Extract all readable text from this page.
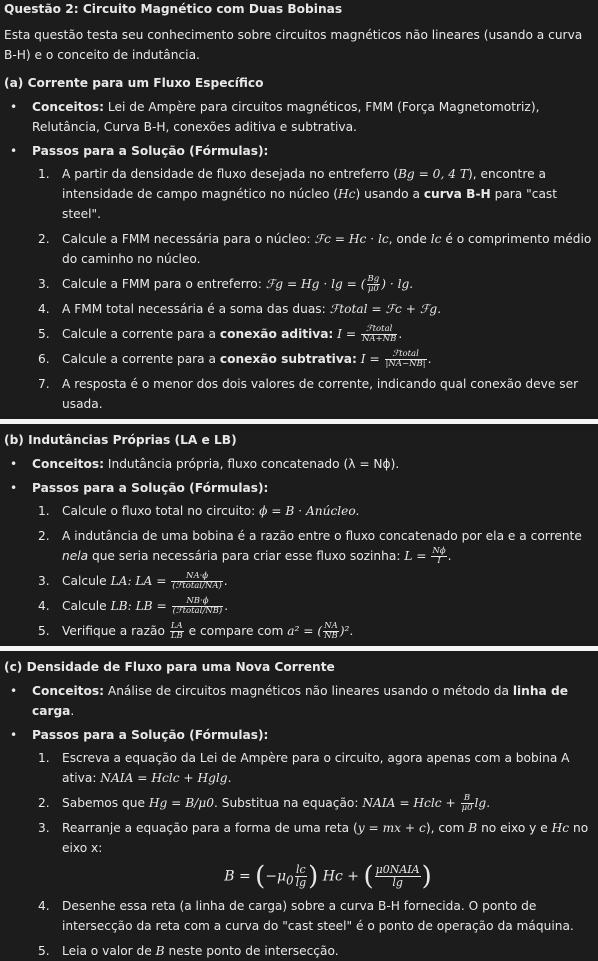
Questão 2: Circuito Magnético com Duas Bobinas
Esta questão testa seu conhecimento sobre circuitos magnéticos não lineares (usando a curva B-H) e o conceito de indutância.
(a) Corrente para um Fluxo Específico
• Conceitos: Lei de Ampère para circuitos magnéticos, FMM (Força Magnetomotriz), Relutância, Curva B-H, conexões aditiva e subtrativa.
• Passos para a Solução (Fórmulas):
A partir da densidade de fluxo desejada no entreferro (Bg = 0, 4 T), encontre a intensidade de campo magnético no núcleo (Hc) usando a curva B-H para "cast steel".
Calcule a FMM necessária para o núcleo: ℱc = Hc · lc, onde lc é o comprimento médio do caminho no núcleo.
Calcule a FMM para o entreferro: ℱg = Hg · lg = ( $\frac{Bg}{\mu 0}$ ) · lg.
A FMM total necessária é a soma das duas: ℱtotal = ℱc + ℱg.
Calcule a corrente para a conexão aditiva: $I = \frac{\text{ℱtotal}}{NA+NB}$ .
Calcule a corrente para a conexão subtrativa: $I = \frac{\text{ℱtotal}}{|NA-NB|}$ .
A resposta é o menor dos dois valores de corrente, indicando qual conexão deve ser usada.
(b) Indutâncias Próprias (LA e LB)
• Conceitos: Indutância própria, fluxo concatenado (λ = Nϕ).
• Passos para a Solução (Fórmulas):
Calcule o fluxo total no circuito: ϕ = B · Anúcleo.
A indutância de uma bobina é a razão entre o fluxo concatenado por ela e a corrente nela que seria necessária para criar esse fluxo sozinha: $L = \frac{N\phi}{I}$ .
Calcule LA: LA = $\frac{NA\cdot\phi}{\text{(ℱtotal/NA)}}$ .
Calcule LB: LB = $\frac{NB\cdot\phi}{\text{(ℱtotal/NB)}}$ .
Verifique a razão $\frac{LA}{LB}$ e compare com a² = ( $\frac{NA}{NB} )^2$.
(c) Densidade de Fluxo para uma Nova Corrente
• Conceitos: Análise de circuitos magnéticos não lineares usando o método da linha de carga.
• Passos para a Solução (Fórmulas):
Escreva a equação da Lei de Ampère para o circuito, agora apenas com a bobina A ativa: NAIA = Hclc + Hglg.
Sabemos que Hg = B/μ0. Substitua na equação: NAIA = Hclc + $\frac{B}{\mu 0} \lg$.
Rearranje a equação para a forma de uma reta (y = mx + c), com B no eixo y e Hc no eixo x:
$B = (-\mu_0 \frac{lc}{\lg}$ ) Hc + ( $\frac{\text{μ0NAIA}}{\lg}$ )
Desenhe essa reta (a linha de carga) sobre a curva B-H fornecida. O ponto de intersecção da reta com a curva do "cast steel" é o ponto de operação da máquina.
Leia o valor de B neste ponto de intersecção.
